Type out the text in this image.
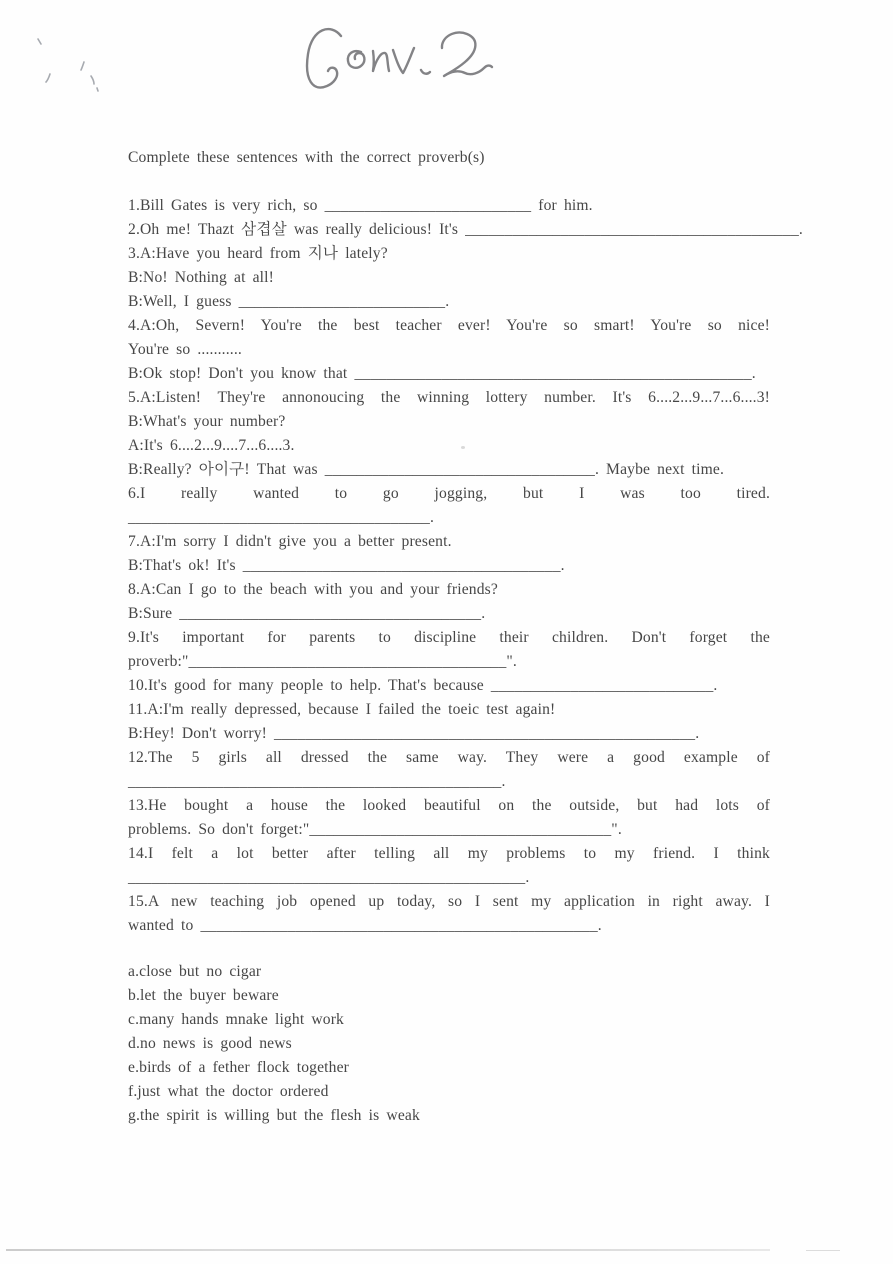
Complete these sentences with the correct proverb(s)
1.Bill Gates is very rich, so __________________________ for him.
2.Oh me! Thazt 삼겹살 was really delicious! It's __________________________________________.
3.A:Have you heard from 지나 lately?
B:No! Nothing at all!
B:Well, I guess __________________________.
4.A:Oh, Severn! You're the best teacher ever! You're so smart! You're so nice!
You're so ...........
B:Ok stop! Don't you know that __________________________________________________.
5.A:Listen! They're annonoucing the winning lottery number. It's 6....2...9...7...6....3!
B:What's your number?
A:It's 6....2...9....7...6....3.
B:Really? 아이구! That was __________________________________. Maybe next time.
6.I really wanted to go jogging, but I was too tired.
______________________________________.
7.A:I'm sorry I didn't give you a better present.
B:That's ok! It's ________________________________________.
8.A:Can I go to the beach with you and your friends?
B:Sure ______________________________________.
9.It's important for parents to discipline their children. Don't forget the
proverb:"________________________________________".
10.It's good for many people to help. That's because ____________________________.
11.A:I'm really depressed, because I failed the toeic test again!
B:Hey! Don't worry! _____________________________________________________.
12.The 5 girls all dressed the same way. They were a good example of
_______________________________________________.
13.He bought a house the looked beautiful on the outside, but had lots of
problems. So don't forget:"______________________________________".
14.I felt a lot better after telling all my problems to my friend. I think
__________________________________________________.
15.A new teaching job opened up today, so I sent my application in right away. I
wanted to __________________________________________________.
a.close but no cigar
b.let the buyer beware
c.many hands mnake light work
d.no news is good news
e.birds of a fether flock together
f.just what the doctor ordered
g.the spirit is willing but the flesh is weak
